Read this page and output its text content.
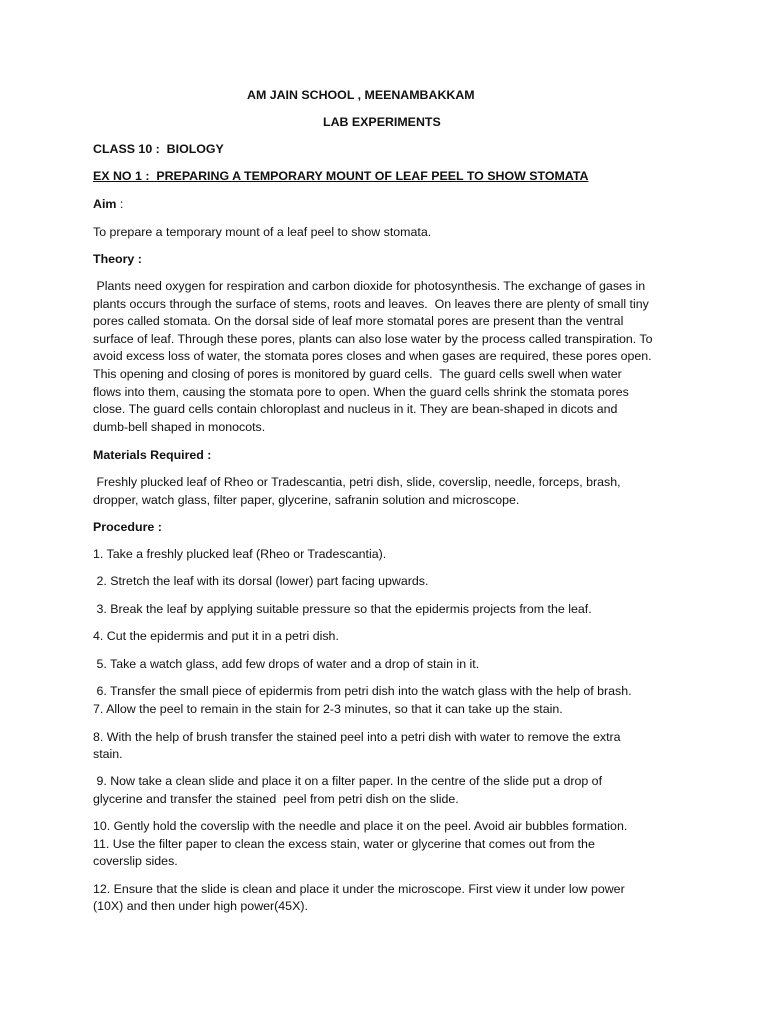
AM JAIN SCHOOL , MEENAMBAKKAM
LAB EXPERIMENTS
CLASS 10 :  BIOLOGY
EX NO 1 :  PREPARING A TEMPORARY MOUNT OF LEAF PEEL TO SHOW STOMATA
Aim :
To prepare a temporary mount of a leaf peel to show stomata.
Theory :
Plants need oxygen for respiration and carbon dioxide for photosynthesis. The exchange of gases in
plants occurs through the surface of stems, roots and leaves.  On leaves there are plenty of small tiny
pores called stomata. On the dorsal side of leaf more stomatal pores are present than the ventral
surface of leaf. Through these pores, plants can also lose water by the process called transpiration. To
avoid excess loss of water, the stomata pores closes and when gases are required, these pores open.
This opening and closing of pores is monitored by guard cells.  The guard cells swell when water
flows into them, causing the stomata pore to open. When the guard cells shrink the stomata pores
close. The guard cells contain chloroplast and nucleus in it. They are bean-shaped in dicots and
dumb-bell shaped in monocots.
Materials Required :
Freshly plucked leaf of Rheo or Tradescantia, petri dish, slide, coverslip, needle, forceps, brash,
dropper, watch glass, filter paper, glycerine, safranin solution and microscope.
Procedure :
1. Take a freshly plucked leaf (Rheo or Tradescantia).
2. Stretch the leaf with its dorsal (lower) part facing upwards.
3. Break the leaf by applying suitable pressure so that the epidermis projects from the leaf.
4. Cut the epidermis and put it in a petri dish.
5. Take a watch glass, add few drops of water and a drop of stain in it.
6. Transfer the small piece of epidermis from petri dish into the watch glass with the help of brash.
7. Allow the peel to remain in the stain for 2-3 minutes, so that it can take up the stain.
8. With the help of brush transfer the stained peel into a petri dish with water to remove the extra
stain.
9. Now take a clean slide and place it on a filter paper. In the centre of the slide put a drop of
glycerine and transfer the stained  peel from petri dish on the slide.
10. Gently hold the coverslip with the needle and place it on the peel. Avoid air bubbles formation.
11. Use the filter paper to clean the excess stain, water or glycerine that comes out from the
coverslip sides.
12. Ensure that the slide is clean and place it under the microscope. First view it under low power
(10X) and then under high power(45X).
